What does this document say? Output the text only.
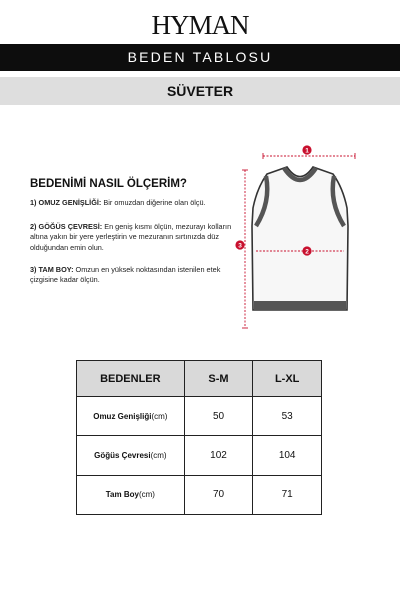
HYMAN
BEDEN TABLOSU
SÜVETER
BEDENİMİ NASIL ÖLÇERİM?
1) OMUZ GENİŞLİĞİ: Bir omuzdan diğerine olan ölçü.
2) GÖĞÜS ÇEVRESİ: En geniş kısmı ölçün, mezurayı kolların altına yakın bir yere yerleştirin ve mezuranın sırtınızda düz olduğundan emin olun.
3) TAM BOY: Omzun en yüksek noktasından istenilen etek çizgisine kadar ölçün.
1
2
3
BEDENLER	S-M	L-XL
Omuz Genişliği(cm)	50	53
Göğüs Çevresi(cm)	102	104
Tam Boy(cm)	70	71
